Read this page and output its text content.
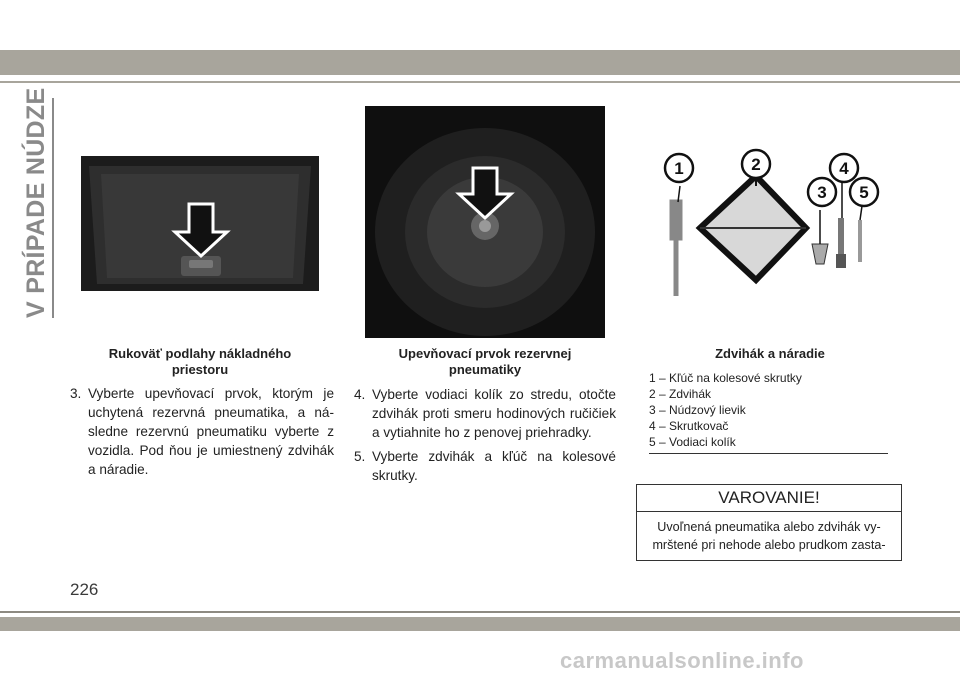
V PRÍPADE NÚDZE
Rukoväť podlahy nákladného priestoru
Upevňovací prvok rezervnej pneumatiky
1	2
3
4
5
Zdvihák a náradie
1 – Kľúč na kolesové skrutky
2 – Zdvihák
3 – Núdzový lievik
4 – Skrutkovač
5 – Vodiaci kolík
3. Vyberte upevňovací prvok, ktorým je uchytená rezervná pneumatika, a ná- sledne rezervnú pneumatiku vyberte z vozidla. Pod ňou je umiestnený zdvihák a náradie.
4. Vyberte vodiaci kolík zo stredu, otočte zdvihák proti smeru hodinových ručičiek a vytiahnite ho z penovej priehradky.
5. Vyberte zdvihák a kľúč na kolesové skrutky.
VAROVANIE!
Uvoľnená pneumatika alebo zdvihák vy- mrštené pri nehode alebo prudkom zasta-
226
carmanualsonline.info
